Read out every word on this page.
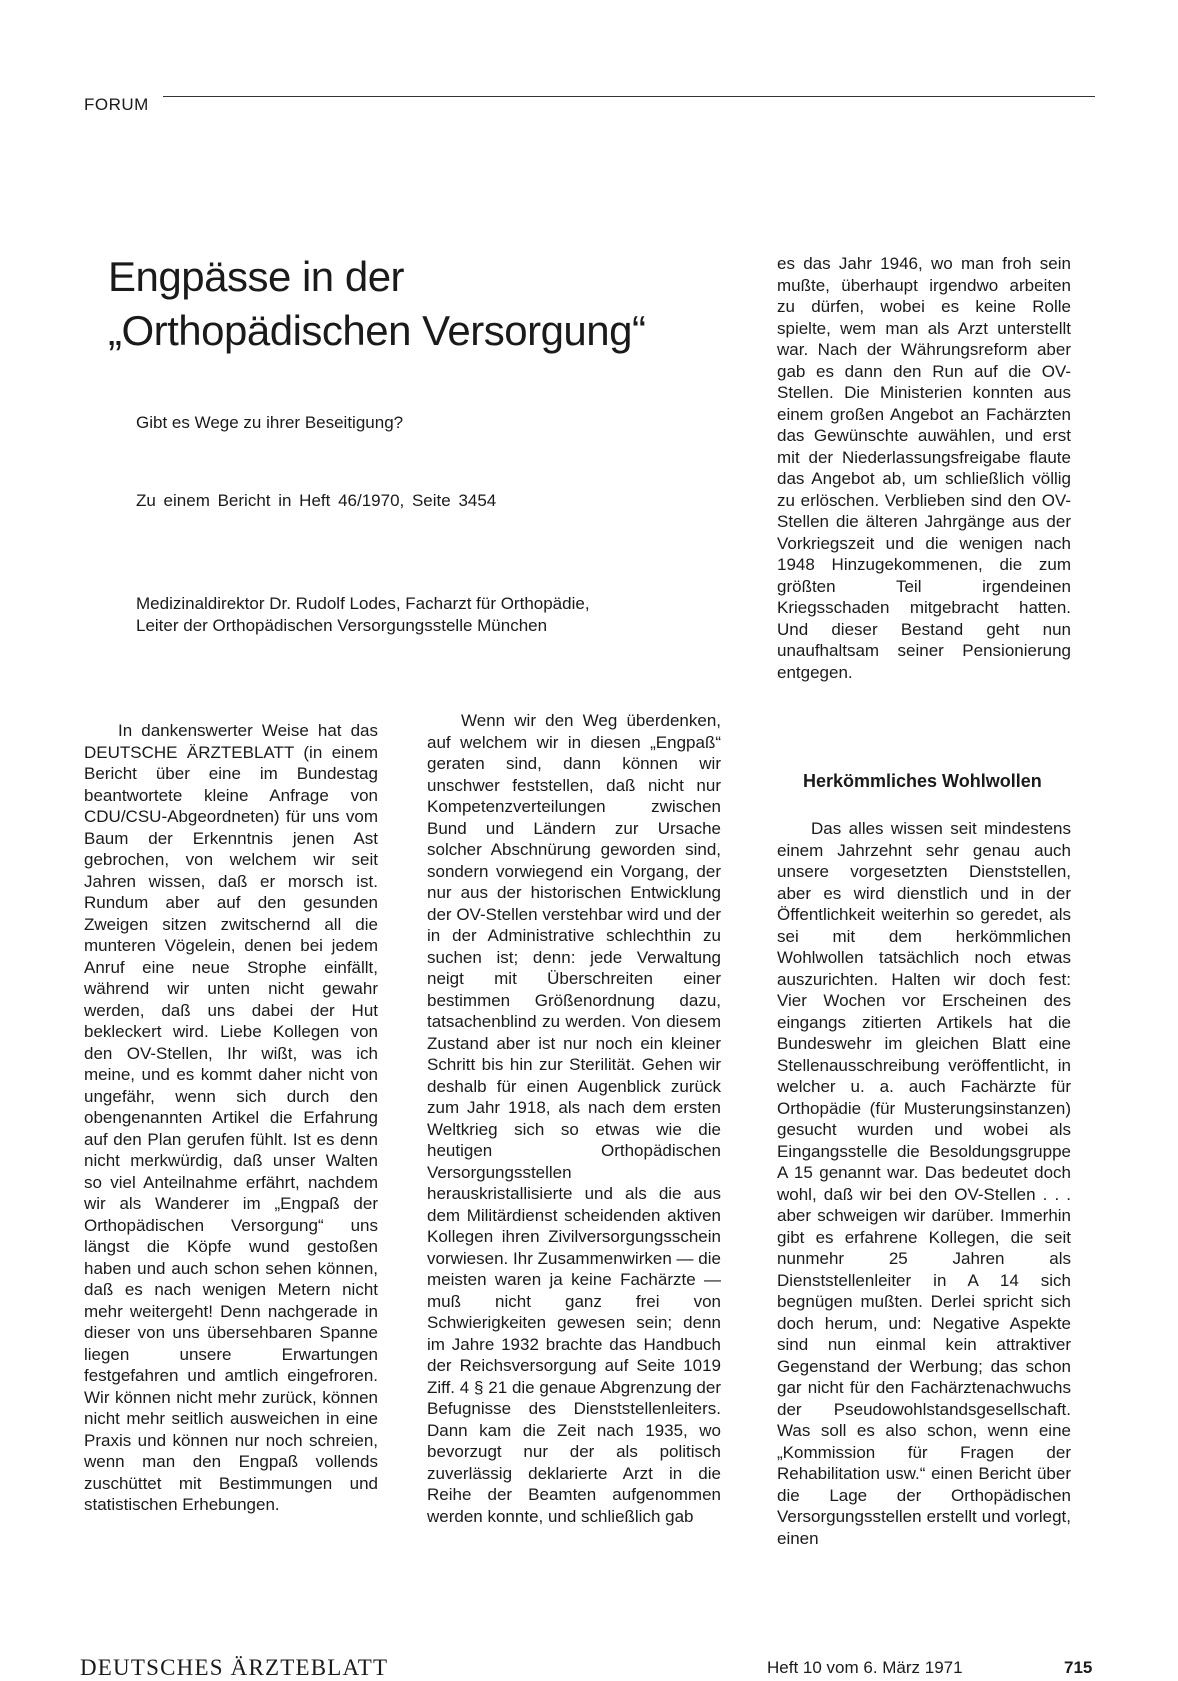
FORUM
Engpässe in der
„Orthopädischen Versorgung“

Gibt es Wege zu ihrer Beseitigung?

Zu einem Bericht in Heft 46/1970, Seite 3454

Medizinaldirektor Dr. Rudolf Lodes, Facharzt für Orthopädie,
Leiter der Orthopädischen Versorgungsstelle München

In dankenswerter Weise hat das DEUTSCHE ÄRZTEBLATT (in einem Bericht über eine im Bundestag beantwortete kleine Anfrage von CDU/CSU-Abgeordneten) für uns vom Baum der Erkenntnis jenen Ast gebrochen, von welchem wir seit Jahren wissen, daß er morsch ist. Rundum aber auf den gesunden Zweigen sitzen zwitschernd all die munteren Vögelein, denen bei jedem Anruf eine neue Strophe einfällt, während wir unten nicht gewahr werden, daß uns dabei der Hut bekleckert wird. Liebe Kollegen von den OV-Stellen, Ihr wißt, was ich meine, und es kommt daher nicht von ungefähr, wenn sich durch den obengenannten Artikel die Erfahrung auf den Plan gerufen fühlt. Ist es denn nicht merkwürdig, daß unser Walten so viel Anteilnahme erfährt, nachdem wir als Wanderer im „Engpaß der Orthopädischen Versorgung“ uns längst die Köpfe wund gestoßen haben und auch schon sehen können, daß es nach wenigen Metern nicht mehr weitergeht! Denn nachgerade in dieser von uns übersehbaren Spanne liegen unsere Erwartungen festgefahren und amtlich eingefroren. Wir können nicht mehr zurück, können nicht mehr seitlich ausweichen in eine Praxis und können nur noch schreien, wenn man den Engpaß vollends zuschüttet mit Bestimmungen und statistischen Erhebungen.

Wenn wir den Weg überdenken, auf welchem wir in diesen „Engpaß“ geraten sind, dann können wir unschwer feststellen, daß nicht nur Kompetenzverteilungen zwischen Bund und Ländern zur Ursache solcher Abschnürung geworden sind, sondern vorwiegend ein Vorgang, der nur aus der historischen Entwicklung der OV-Stellen verstehbar wird und der in der Administrative schlechthin zu suchen ist; denn: jede Verwaltung neigt mit Überschreiten einer bestimmen Größenordnung dazu, tatsachenblind zu werden. Von diesem Zustand aber ist nur noch ein kleiner Schritt bis hin zur Sterilität. Gehen wir deshalb für einen Augenblick zurück zum Jahr 1918, als nach dem ersten Weltkrieg sich so etwas wie die heutigen Orthopädischen Versorgungsstellen herauskristallisierte und als die aus dem Militärdienst scheidenden aktiven Kollegen ihren Zivilversorgungsschein vorwiesen. Ihr Zusammenwirken — die meisten waren ja keine Fachärzte — muß nicht ganz frei von Schwierigkeiten gewesen sein; denn im Jahre 1932 brachte das Handbuch der Reichsversorgung auf Seite 1019 Ziff. 4 § 21 die genaue Abgrenzung der Befugnisse des Dienststellenleiters. Dann kam die Zeit nach 1935, wo bevorzugt nur der als politisch zuverlässig deklarierte Arzt in die Reihe der Beamten aufgenommen werden konnte, und schließlich gab

es das Jahr 1946, wo man froh sein mußte, überhaupt irgendwo arbeiten zu dürfen, wobei es keine Rolle spielte, wem man als Arzt unterstellt war. Nach der Währungsreform aber gab es dann den Run auf die OV-Stellen. Die Ministerien konnten aus einem großen Angebot an Fachärzten das Gewünschte auwählen, und erst mit der Niederlassungsfreigabe flaute das Angebot ab, um schließlich völlig zu erlöschen. Verblieben sind den OV-Stellen die älteren Jahrgänge aus der Vorkriegszeit und die wenigen nach 1948 Hinzugekommenen, die zum größten Teil irgendeinen Kriegsschaden mitgebracht hatten. Und dieser Bestand geht nun unaufhaltsam seiner Pensionierung entgegen.

Herkömmliches Wohlwollen

Das alles wissen seit mindestens einem Jahrzehnt sehr genau auch unsere vorgesetzten Dienststellen, aber es wird dienstlich und in der Öffentlichkeit weiterhin so geredet, als sei mit dem herkömmlichen Wohlwollen tatsächlich noch etwas auszurichten. Halten wir doch fest: Vier Wochen vor Erscheinen des eingangs zitierten Artikels hat die Bundeswehr im gleichen Blatt eine Stellenausschreibung veröffentlicht, in welcher u. a. auch Fachärzte für Orthopädie (für Musterungsinstanzen) gesucht wurden und wobei als Eingangsstelle die Besoldungsgruppe A 15 genannt war. Das bedeutet doch wohl, daß wir bei den OV-Stellen . . . aber schweigen wir darüber. Immerhin gibt es erfahrene Kollegen, die seit nunmehr 25 Jahren als Dienststellenleiter in A 14 sich begnügen mußten. Derlei spricht sich doch herum, und: Negative Aspekte sind nun einmal kein attraktiver Gegenstand der Werbung; das schon gar nicht für den Fachärztenachwuchs der Pseudowohlstandsgesellschaft. Was soll es also schon, wenn eine „Kommission für Fragen der Rehabilitation usw.“ einen Bericht über die Lage der Orthopädischen Versorgungsstellen erstellt und vorlegt, einen

DEUTSCHES ÄRZTEBLATT	Heft 10 vom 6. März 1971	715
